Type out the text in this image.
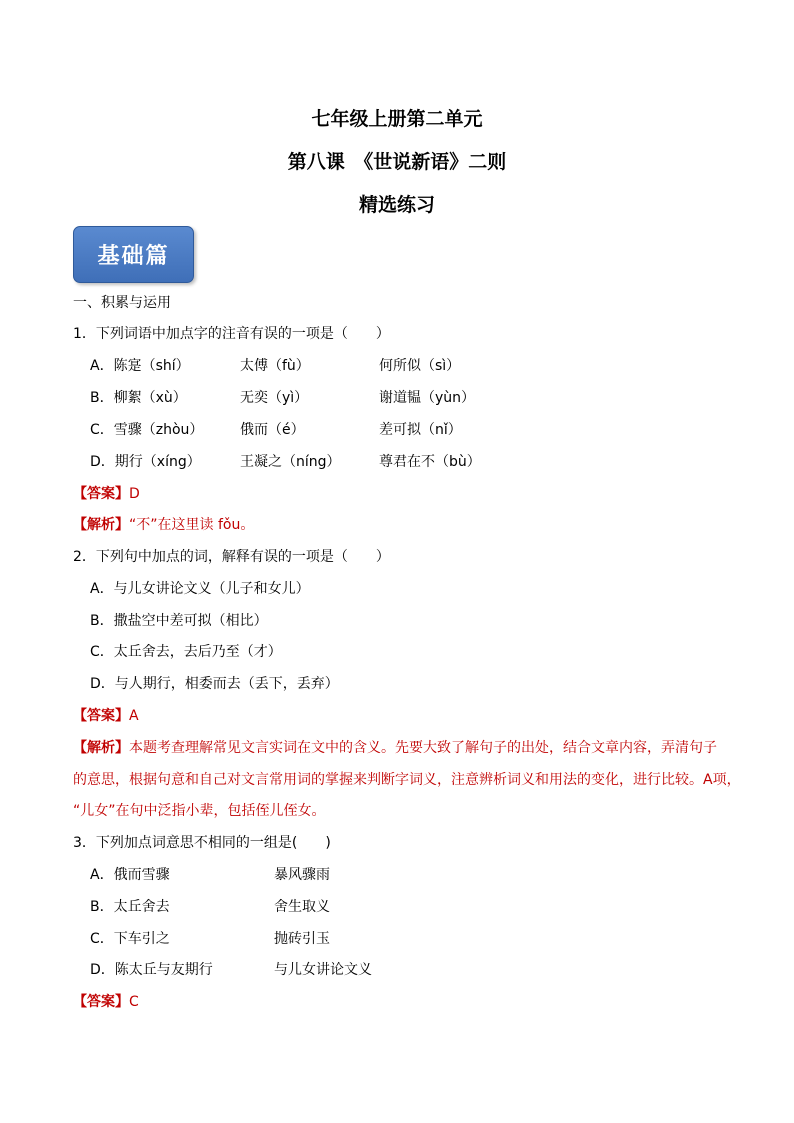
七年级上册第二单元
第八课　《世说新语》二则
精选练习
基础篇
一、积累与运用
1．下列词语中加点字的注音有误的一项是（　　）
A．陈寔（shí）	太傅（fù）	何所似（sì）
B．柳絮（xù）	无奕（yì）	谢道韫（yùn）
C．雪骤（zhòu）	俄而（é）	差可拟（nǐ）
D．期行（xíng）	王凝之（níng）	尊君在不（bù）
【答案】D
【解析】“不”在这里读 fǒu。
2．下列句中加点的词，解释有误的一项是（　　）
A．与儿女讲论文义（儿子和女儿）
B．撒盐空中差可拟（相比）
C．太丘舍去，去后乃至（才）
D．与人期行，相委而去（丢下，丢弃）
【答案】A
【解析】本题考查理解常见文言实词在文中的含义。先要大致了解句子的出处，结合文章内容，弄清句子
的意思，根据句意和自己对文言常用词的掌握来判断字词义，注意辨析词义和用法的变化，进行比较。A项，
“儿女”在句中泛指小辈，包括侄儿侄女。
3．下列加点词意思不相同的一组是(　　)
A．俄而雪骤	暴风骤雨
B．太丘舍去	舍生取义
C．下车引之	抛砖引玉
D．陈太丘与友期行	与儿女讲论文义
【答案】C
